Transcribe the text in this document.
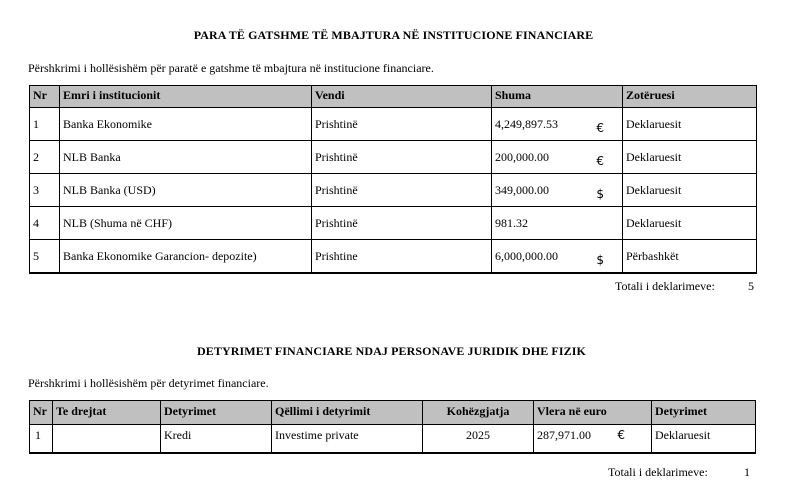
PARA TË GATSHME TË MBAJTURA NË INSTITUCIONE FINANCIARE
Përshkrimi i hollësishëm për paratë e gatshme të mbajtura në institucione financiare.
Nr	Emri i institucionit	Vendi	Shuma	Zotëruesi
1	Banka Ekonomike	Prishtinë	4,249,897.53 €	Deklaruesit
2	NLB Banka	Prishtinë	200,000.00 €	Deklaruesit
3	NLB Banka (USD)	Prishtinë	349,000.00 $	Deklaruesit
4	NLB (Shuma në CHF)	Prishtinë	981.32	Deklaruesit
5	Banka Ekonomike Garancion- depozite)	Prishtine	6,000,000.00 $	Përbashkët
Totali i deklarimeve:	5
DETYRIMET FINANCIARE NDAJ PERSONAVE JURIDIK DHE FIZIK
Përshkrimi i hollësishëm për detyrimet financiare.
Nr	Te drejtat	Detyrimet	Qëllimi i detyrimit	Kohëzgjatja	Vlera në euro	Detyrimet
1		Kredi	Investime private	2025	287,971.00 €	Deklaruesit
Totali i deklarimeve:	1
